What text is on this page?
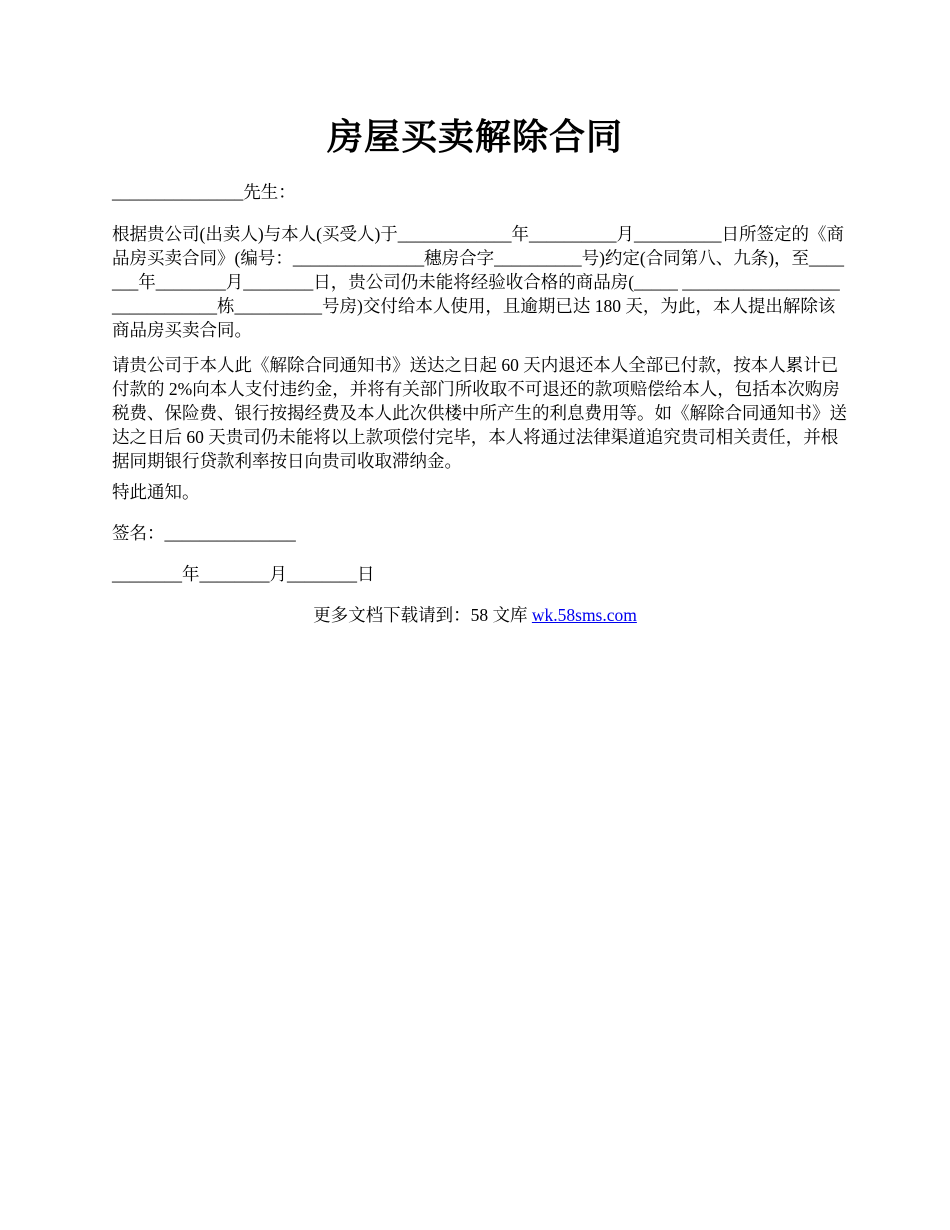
房屋买卖解除合同

_______________先生：

根据贵公司(出卖人)与本人(买受人)于_____________年__________月__________日所签定的《商品房买卖合同》(编号：_______________穗房合字__________号)约定(合同第八、九条)，至_______年________月________日，贵公司仍未能将经验收合格的商品房(_____ ______________________________栋__________号房)交付给本人使用，且逾期已达 180 天，为此，本人提出解除该商品房买卖合同。

请贵公司于本人此《解除合同通知书》送达之日起 60 天内退还本人全部已付款，按本人累计已付款的 2%向本人支付违约金，并将有关部门所收取不可退还的款项赔偿给本人，包括本次购房税费、保险费、银行按揭经费及本人此次供楼中所产生的利息费用等。如《解除合同通知书》送达之日后 60 天贵司仍未能将以上款项偿付完毕，本人将通过法律渠道追究贵司相关责任，并根据同期银行贷款利率按日向贵司收取滞纳金。

特此通知。

签名：_______________

________年________月________日

更多文档下载请到：58 文库 wk.58sms.com
